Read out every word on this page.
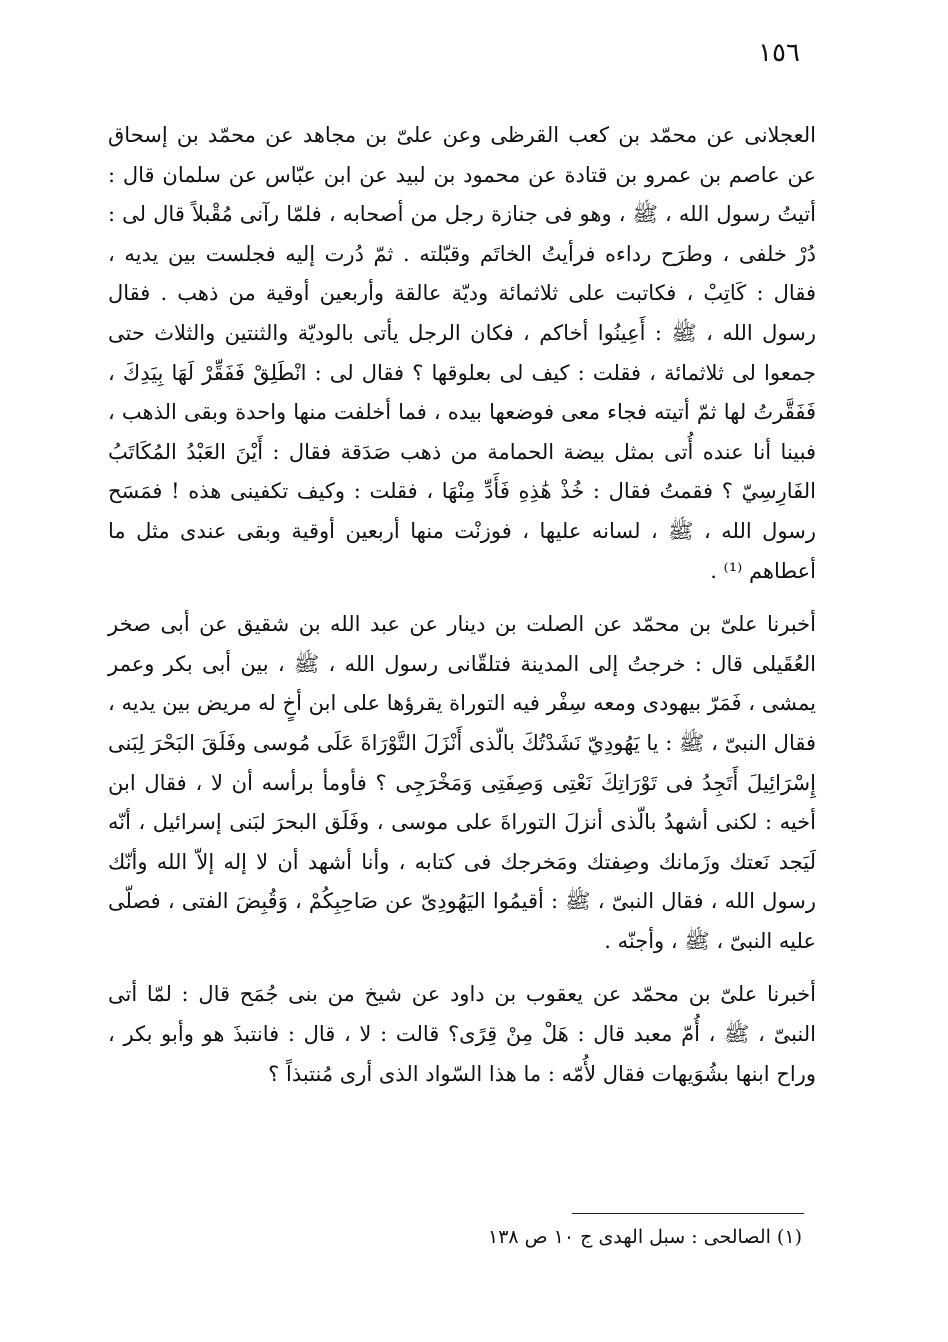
١٥٦

العجلانى عن محمّد بن كعب القرظى وعن علىّ بن مجاهد عن محمّد بن إسحاق عن عاصم بن عمرو بن قتادة عن محمود بن لبيد عن ابن عبّاس عن سلمان قال : أتيتُ رسول الله ، ﷺ ، وهو فى جنازة رجل من أصحابه ، فلمّا رآنى مُقْبلاً قال لى : دُرْ خلفى ، وطرَح رداءه فرأيتُ الخاتَم وقبّلته . ثمّ دُرت إليه فجلست بين يديه ، فقال : كَاتِبْ ، فكاتبت على ثلاثمائة وديّة عالقة وأربعين أوقية من ذهب . فقال رسول الله ، ﷺ : أَعِينُوا أخاكم ، فكان الرجل يأتى بالوديّة والثنتين والثلاث حتى جمعوا لى ثلاثمائة ، فقلت : كيف لى بعلوقها ؟ فقال لى : انْطَلِقْ فَفَقِّرْ لَهَا بِيَدِكَ ، فَفَقَّرتُ لها ثمّ أتيته فجاء معى فوضعها بيده ، فما أخلفت منها واحدة وبقى الذهب ، فبينا أنا عنده أُتى بمثل بيضة الحمامة من ذهب صَدَقة فقال : أَيْنَ العَبْدُ المُكَاتَبُ الفَارِسِيّ ؟ فقمتُ فقال : خُذْ هَٰذِهِ فَأَدِّ مِنْهَا ، فقلت : وكيف تكفينى هذه ! فمَسَح رسول الله ، ﷺ ، لسانه عليها ، فوزنْت منها أربعين أوقية وبقى عندى مثل ما أعطاهم ⁽¹⁾ .

أخبرنا علىّ بن محمّد عن الصلت بن دينار عن عبد الله بن شقيق عن أبى صخر العُقَيلى قال : خرجتُ إلى المدينة فتلقّانى رسول الله ، ﷺ ، بين أبى بكر وعمر يمشى ، فَمَرّ بيهودى ومعه سِفْر فيه التوراة يقرؤها على ابن أخٍ له مريض بين يديه ، فقال النبىّ ، ﷺ : يا يَهُودِيّ نَشَدْتُكَ بالّذى أَنْزَلَ التَّوْرَاةَ عَلَى مُوسى وفَلَقَ البَحْرَ لِبَنى إِسْرَائِيلَ أَتَجِدُ فى تَوْرَاتِكَ نَعْتِى وَصِفَتِى وَمَخْرَجِى ؟ فأومأ برأسه أن لا ، فقال ابن أخيه : لكنى أشهدُ بالّذى أنزلَ التوراةَ على موسى ، وفَلَق البحرَ لبَنى إسرائيل ، أنّه لَيَجد نَعتك وزَمانك وصِفتك ومَخرجك فى كتابه ، وأنا أشهد أن لا إله إلاّ الله وأنّك رسول الله ، فقال النبىّ ، ﷺ : أقيمُوا اليَهُودِىّ عن صَاحِبِكُمْ ، وَقُبِضَ الفتى ، فصلّى عليه النبىّ ، ﷺ ، وأجنّه .

أخبرنا علىّ بن محمّد عن يعقوب بن داود عن شيخ من بنى جُمَح قال : لمّا أتى النبىّ ، ﷺ ، أُمّ معبد قال : هَلْ مِنْ قِرًى؟ قالت : لا ، قال : فانتبذَ هو وأبو بكر ، وراح ابنها بشُوَيهات فقال لأُمّه : ما هذا السّواد الذى أرى مُنتبذاً ؟

(١) الصالحى : سبل الهدى ج ١٠ ص ١٣٨
